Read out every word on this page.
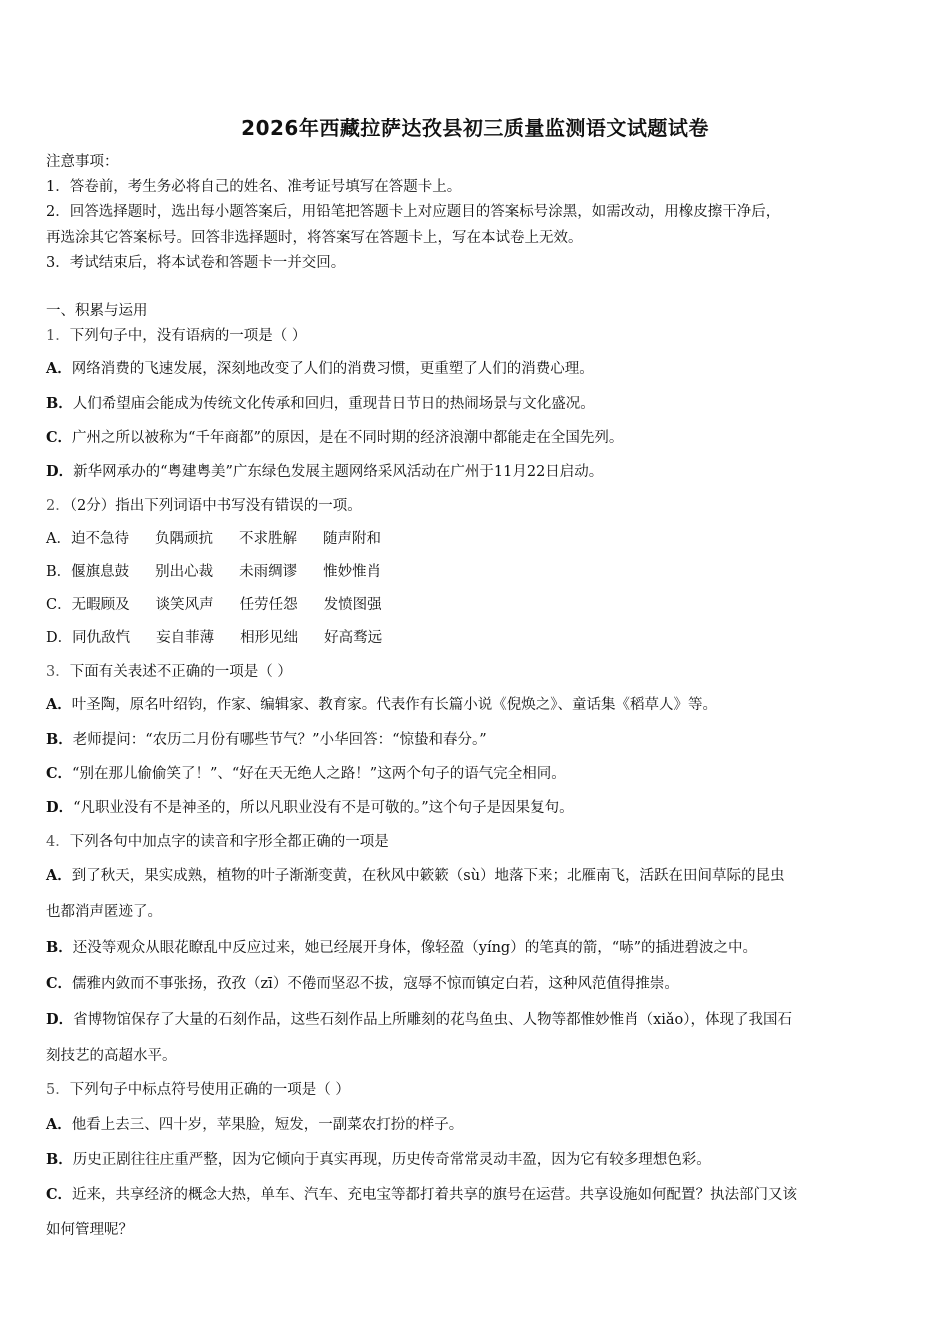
2026年西藏拉萨达孜县初三质量监测语文试题试卷
注意事项：
1．答卷前，考生务必将自己的姓名、准考证号填写在答题卡上。
2．回答选择题时，选出每小题答案后，用铅笔把答题卡上对应题目的答案标号涂黑，如需改动，用橡皮擦干净后，
再选涂其它答案标号。回答非选择题时，将答案写在答题卡上，写在本试卷上无效。
3．考试结束后，将本试卷和答题卡一并交回。
一、积累与运用
1．下列句子中，没有语病的一项是（ ）
A．网络消费的飞速发展，深刻地改变了人们的消费习惯，更重塑了人们的消费心理。
B．人们希望庙会能成为传统文化传承和回归，重现昔日节日的热闹场景与文化盛况。
C．广州之所以被称为“千年商都”的原因，是在不同时期的经济浪潮中都能走在全国先列。
D．新华网承办的“粤建粤美”广东绿色发展主题网络采风活动在广州于11月22日启动。
2．（2分）指出下列词语中书写没有错误的一项。
A．迫不急待 负隅顽抗 不求胜解 随声附和
B．偃旗息鼓 别出心裁 未雨绸谬 惟妙惟肖
C．无暇顾及 谈笑风声 任劳任怨 发愤图强
D．同仇敌忾 妄自菲薄 相形见绌 好高骛远
3．下面有关表述不正确的一项是（ ）
A．叶圣陶，原名叶绍钧，作家、编辑家、教育家。代表作有长篇小说《倪焕之》、童话集《稻草人》等。
B．老师提问：“农历二月份有哪些节气？”小华回答：“惊蛰和春分。”
C．“别在那儿偷偷笑了！”、“好在天无绝人之路！”这两个句子的语气完全相同。
D．“凡职业没有不是神圣的，所以凡职业没有不是可敬的。”这个句子是因果复句。
4．下列各句中加点字的读音和字形全都正确的一项是
A．到了秋天，果实成熟，植物的叶子渐渐变黄，在秋风中簌簌（sù）地落下来；北雁南飞，活跃在田间草际的昆虫
也都消声匿迹了。
B．还没等观众从眼花瞭乱中反应过来，她已经展开身体，像轻盈（yíng）的笔真的箭，“哧”的插进碧波之中。
C．儒雅内敛而不事张扬，孜孜（zī）不倦而坚忍不拔，寇辱不惊而镇定白若，这种风范值得推崇。
D．省博物馆保存了大量的石刻作品，这些石刻作品上所雕刻的花鸟鱼虫、人物等都惟妙惟肖（xiǎo），体现了我国石
刻技艺的高超水平。
5．下列句子中标点符号使用正确的一项是（ ）
A．他看上去三、四十岁，苹果脸，短发，一副菜农打扮的样子。
B．历史正剧往往庄重严整，因为它倾向于真实再现，历史传奇常常灵动丰盈，因为它有较多理想色彩。
C．近来，共享经济的概念大热，单车、汽车、充电宝等都打着共享的旗号在运营。共享设施如何配置？执法部门又该
如何管理呢？
